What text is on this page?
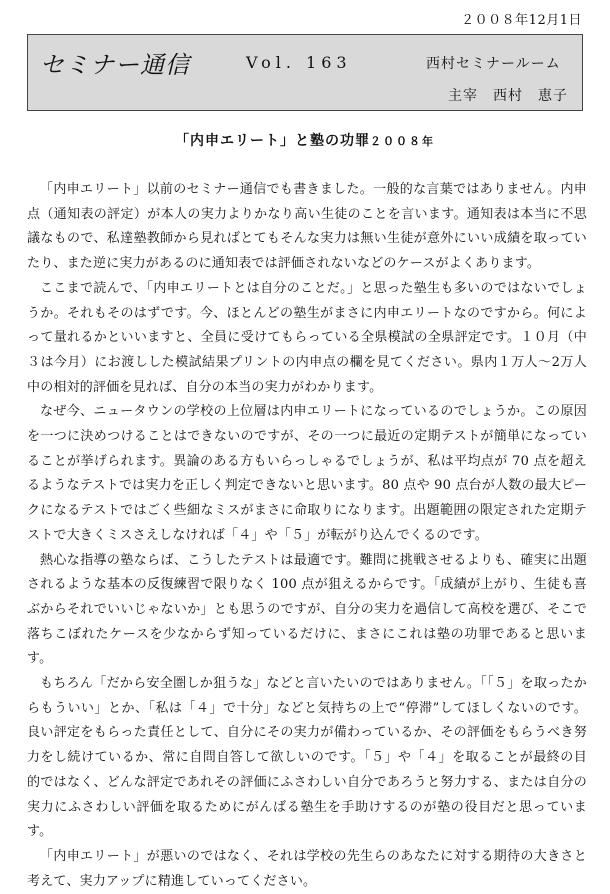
２００８年12月1日
セミナー通信	Vol. 163	西村セミナールーム
主宰　西村　恵子
「内申エリート」と塾の功罪２００８年

「内申エリート」以前のセミナー通信でも書きました。一般的な言葉ではありません。内申点（通知表の評定）が本人の実力よりかなり高い生徒のことを言います。通知表は本当に不思議なもので、私達塾教師から見ればとてもそんな実力は無い生徒が意外にいい成績を取っていたり、また逆に実力があるのに通知表では評価されないなどのケースがよくあります。

ここまで読んで、「内申エリートとは自分のことだ。」と思った塾生も多いのではないでしょうか。それもそのはずです。今、ほとんどの塾生がまさに内申エリートなのですから。何によって量れるかといいますと、全員に受けてもらっている全県模試の全県評定です。１０月（中３は今月）にお渡しした模試結果プリントの内申点の欄を見てください。県内１万人〜2万人中の相対的評価を見れば、自分の本当の実力がわかります。

なぜ今、ニュータウンの学校の上位層は内申エリートになっているのでしょうか。この原因を一つに決めつけることはできないのですが、その一つに最近の定期テストが簡単になっていることが挙げられます。異論のある方もいらっしゃるでしょうが、私は平均点が 70 点を超えるようなテストでは実力を正しく判定できないと思います。80 点や 90 点台が人数の最大ピークになるテストではごく些細なミスがまさに命取りになります。出題範囲の限定された定期テストで大きくミスさえしなければ「４」や「５」が転がり込んでくるのです。

熱心な指導の塾ならば、こうしたテストは最適です。難問に挑戦させるよりも、確実に出題されるような基本の反復練習で限りなく 100 点が狙えるからです。「成績が上がり、生徒も喜ぶからそれでいいじゃないか」とも思うのですが、自分の実力を過信して高校を選び、そこで落ちこぼれたケースを少なからず知っているだけに、まさにこれは塾の功罪であると思います。

もちろん「だから安全圏しか狙うな」などと言いたいのではありません。「「５」を取ったからもういい」とか、「私は「４」で十分」などと気持ちの上で“停滞”してほしくないのです。良い評定をもらった責任として、自分にその実力が備わっているか、その評価をもらうべき努力をし続けているか、常に自問自答して欲しいのです。「５」や「４」を取ることが最終の目的ではなく、どんな評定であれその評価にふさわしい自分であろうと努力する、または自分の実力にふさわしい評価を取るためにがんばる塾生を手助けするのが塾の役目だと思っています。

「内申エリート」が悪いのではなく、それは学校の先生らのあなたに対する期待の大きさと考えて、実力アップに精進していってください。
